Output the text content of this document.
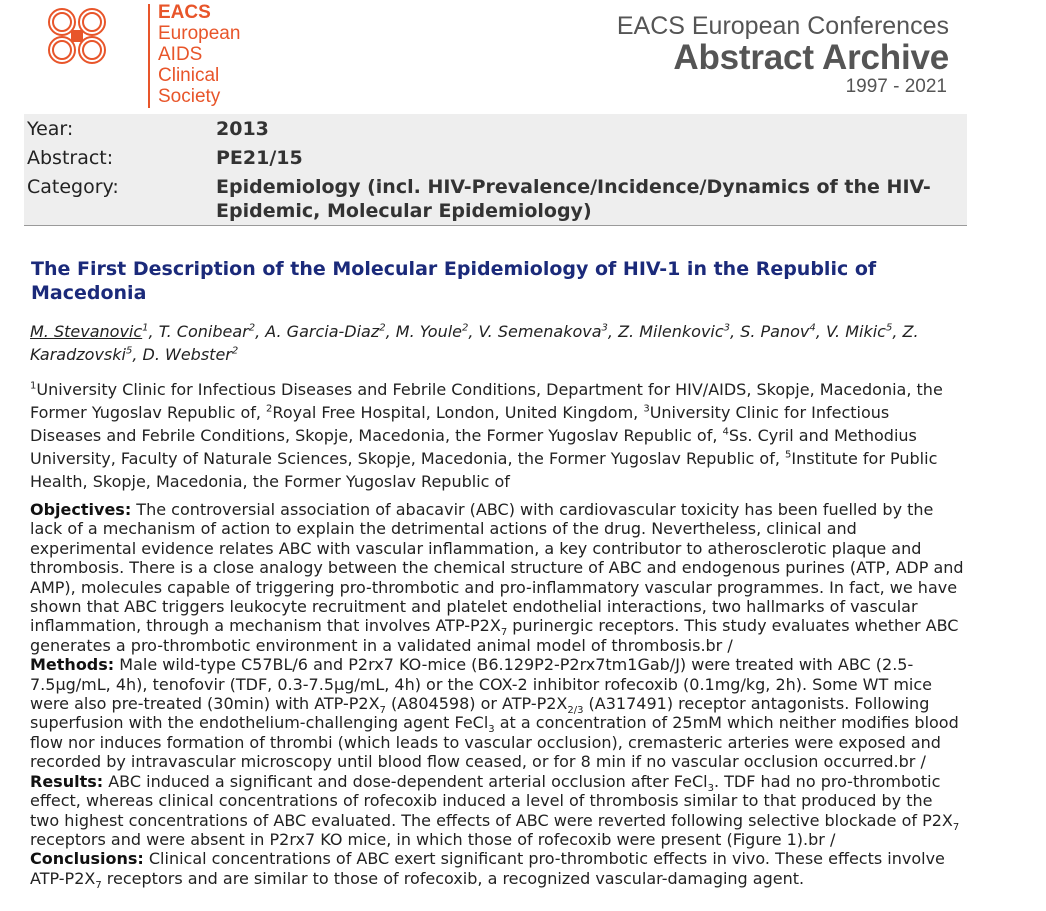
EACS
European
AIDS
Clinical
Society
EACS European Conferences
Abstract Archive
1997 - 2021
Year:	2013
Abstract:	PE21/15
Category:	Epidemiology (incl. HIV-Prevalence/Incidence/Dynamics of the HIV-Epidemic, Molecular Epidemiology)
The First Description of the Molecular Epidemiology of HIV-1 in the Republic of Macedonia
M. Stevanovic$^1$, T. Conibear$^2$, A. Garcia-Diaz$^2$, M. Youle$^2$, V. Semenakova$^3$, Z. Milenkovic$^3$, S. Panov$^4$, V. Mikic$^5$, Z. Karadzovski$^5$, D. Webster$^2$
$^1$University Clinic for Infectious Diseases and Febrile Conditions, Department for HIV/AIDS, Skopje, Macedonia, the Former Yugoslav Republic of, $^2$Royal Free Hospital, London, United Kingdom, $^3$University Clinic for Infectious Diseases and Febrile Conditions, Skopje, Macedonia, the Former Yugoslav Republic of, $^4$Ss. Cyril and Methodius University, Faculty of Naturale Sciences, Skopje, Macedonia, the Former Yugoslav Republic of, $^5$Institute for Public Health, Skopje, Macedonia, the Former Yugoslav Republic of

Objectives: The controversial association of abacavir (ABC) with cardiovascular toxicity has been fuelled by the lack of a mechanism of action to explain the detrimental actions of the drug. Nevertheless, clinical and experimental evidence relates ABC with vascular inflammation, a key contributor to atherosclerotic plaque and thrombosis. There is a close analogy between the chemical structure of ABC and endogenous purines (ATP, ADP and AMP), molecules capable of triggering pro-thrombotic and pro-inflammatory vascular programmes. In fact, we have shown that ABC triggers leukocyte recruitment and platelet endothelial interactions, two hallmarks of vascular inflammation, through a mechanism that involves ATP-$P2X_7$ purinergic receptors. This study evaluates whether ABC generates a pro-thrombotic environment in a validated animal model of thrombosis.br /

Methods: Male wild-type C57BL/6 and P2rx7 KO-mice (B6.129P2-P2rx7tm1Gab/J) were treated with ABC (2.5-7.5µg/mL, 4h), tenofovir (TDF, 0.3-7.5µg/mL, 4h) or the COX-2 inhibitor rofecoxib (0.1mg/kg, 2h). Some WT mice were also pre-treated (30min) with ATP-$P2X_7$ (A804598) or ATP-$P2X_{2/3}$ (A317491) receptor antagonists. Following superfusion with the endothelium-challenging agent FeCl$_3$ at a concentration of 25mM which neither modifies blood flow nor induces formation of thrombi (which leads to vascular occlusion), cremasteric arteries were exposed and recorded by intravascular microscopy until blood flow ceased, or for 8 min if no vascular occlusion occurred.br /

Results: ABC induced a significant and dose-dependent arterial occlusion after FeCl$_3$. TDF had no pro-thrombotic effect, whereas clinical concentrations of rofecoxib induced a level of thrombosis similar to that produced by the two highest concentrations of ABC evaluated. The effects of ABC were reverted following selective blockade of $P2X_7$ receptors and were absent in P2rx7 KO mice, in which those of rofecoxib were present (Figure 1).br /

Conclusions: Clinical concentrations of ABC exert significant pro-thrombotic effects in vivo. These effects involve ATP-$P2X_7$ receptors and are similar to those of rofecoxib, a recognized vascular-damaging agent.
